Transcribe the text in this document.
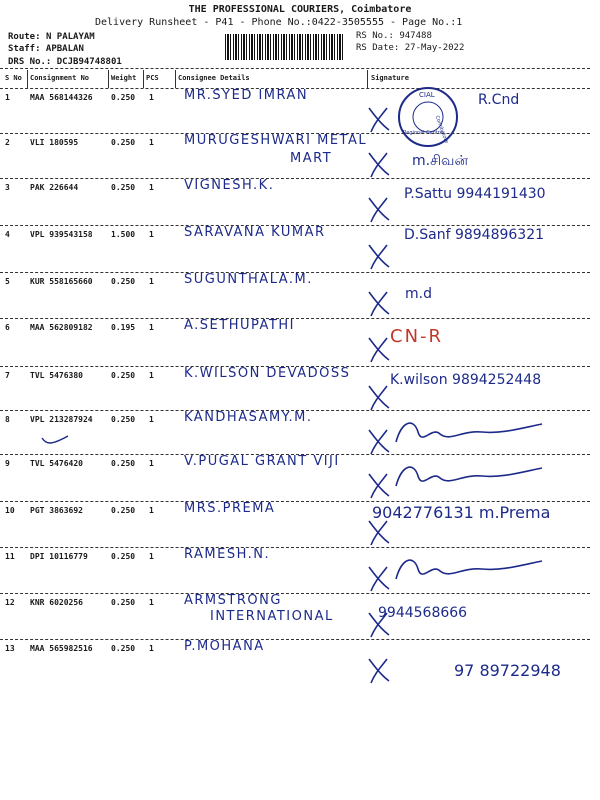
THE PROFESSIONAL COURIERS, Coimbatore
Delivery Runsheet - P41 - Phone No.:0422-3505555 - Page No.:1
Route: N PALAYAM
Staff: APBALAN
DRS No.: DCJB94748801
RS No.: 947488
RS Date: 27-May-2022
S No Consignment No	Weight PCS	Consignee Details	Signature
CIAL
Coimbatore
Regional Centre
1	MAA 568144326 0.250 1 MR.SYED IMRAN	R.Cnd
2	VLI 180595	0.250 1 MURUGESHWARI METAL
MART	m.சிவன்
3	PAK 226644	0.250 1 VIGNESH.K.
P.Sattu 9944191430
4	VPL 939543158 1.500 1 SARAVANA KUMAR	D.Sanf 9894896321
5	KUR 558165660 0.250 1 SUGUNTHALA.M.
m.d
6	MAA 562809182 0.195 1 A.SETHUPATHI
CN-R
7	TVL 5476380	0.250 1 K.WILSON DEVADOSS	K.wilson 9894252448
8	VPL 213287924 0.250 1 KANDHASAMY.M.
9	TVL 5476420	0.250 1 V.PUGAL GRANT VIJI
10 PGT 3863692	0.250 1 MRS.PREMA	9042776131 m.Prema
11 DPI 10116779	0.250 1 RAMESH.N.
12 KNR 6020256	0.250 1 ARMSTRONG
INTERNATIONAL	9944568666
13 MAA 565982516 0.250 1 P.MOHANA
97 89722948
